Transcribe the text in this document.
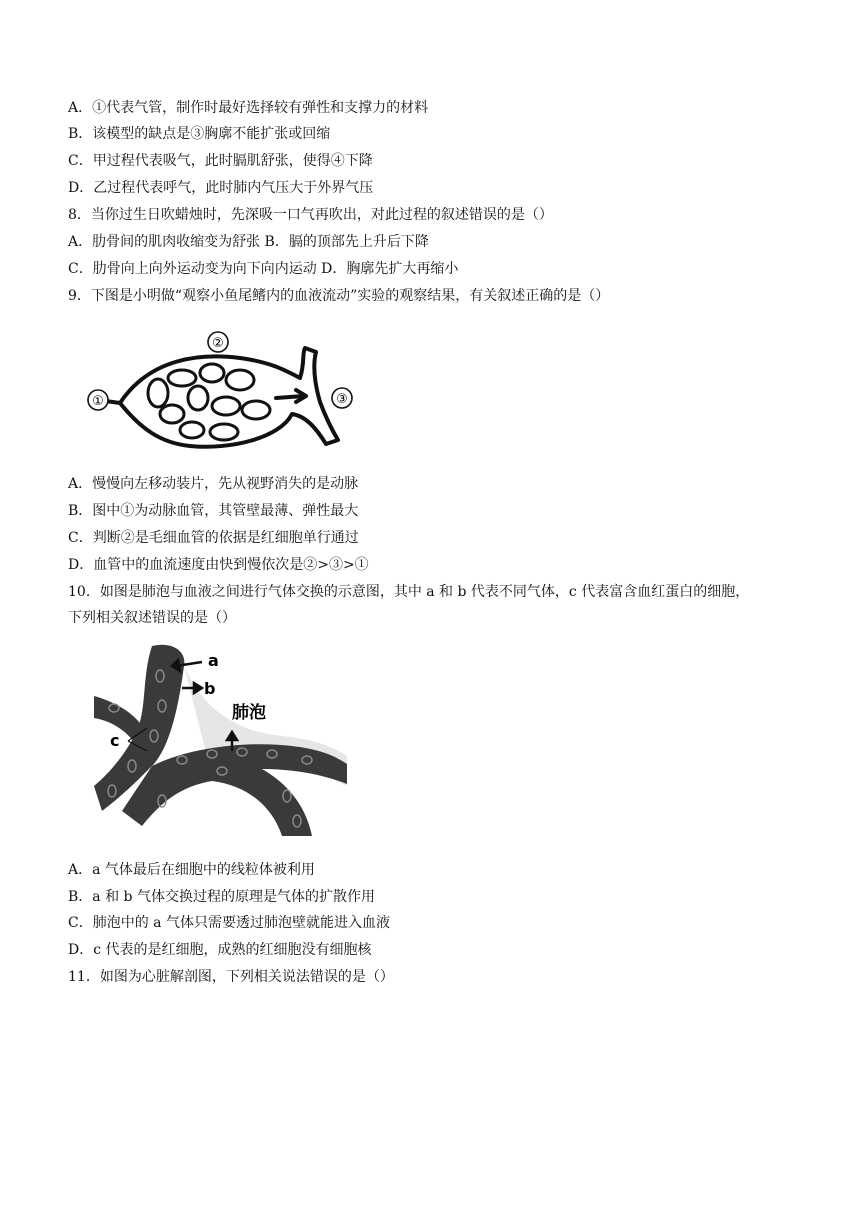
A．①代表气管，制作时最好选择较有弹性和支撑力的材料
B．该模型的缺点是③胸廓不能扩张或回缩
C．甲过程代表吸气，此时膈肌舒张，使得④下降
D．乙过程代表呼气，此时肺内气压大于外界气压
8．当你过生日吹蜡烛时，先深吸一口气再吹出，对此过程的叙述错误的是（）
A．肋骨间的肌肉收缩变为舒张 B．膈的顶部先上升后下降
C．肋骨向上向外运动变为向下向内运动 D．胸廓先扩大再缩小
9．下图是小明做“观察小鱼尾鳍内的血液流动”实验的观察结果，有关叙述正确的是（）
①
②
③
A．慢慢向左移动装片，先从视野消失的是动脉
B．图中①为动脉血管，其管壁最薄、弹性最大
C．判断②是毛细血管的依据是红细胞单行通过
D．血管中的血流速度由快到慢依次是②>③>①
10．如图是肺泡与血液之间进行气体交换的示意图，其中 a 和 b 代表不同气体，c 代表富含血红蛋白的细胞，
下列相关叙述错误的是（）
a
b
c
肺泡
A．a 气体最后在细胞中的线粒体被利用
B．a 和 b 气体交换过程的原理是气体的扩散作用
C．肺泡中的 a 气体只需要透过肺泡壁就能进入血液
D．c 代表的是红细胞，成熟的红细胞没有细胞核
11．如图为心脏解剖图，下列相关说法错误的是（）
